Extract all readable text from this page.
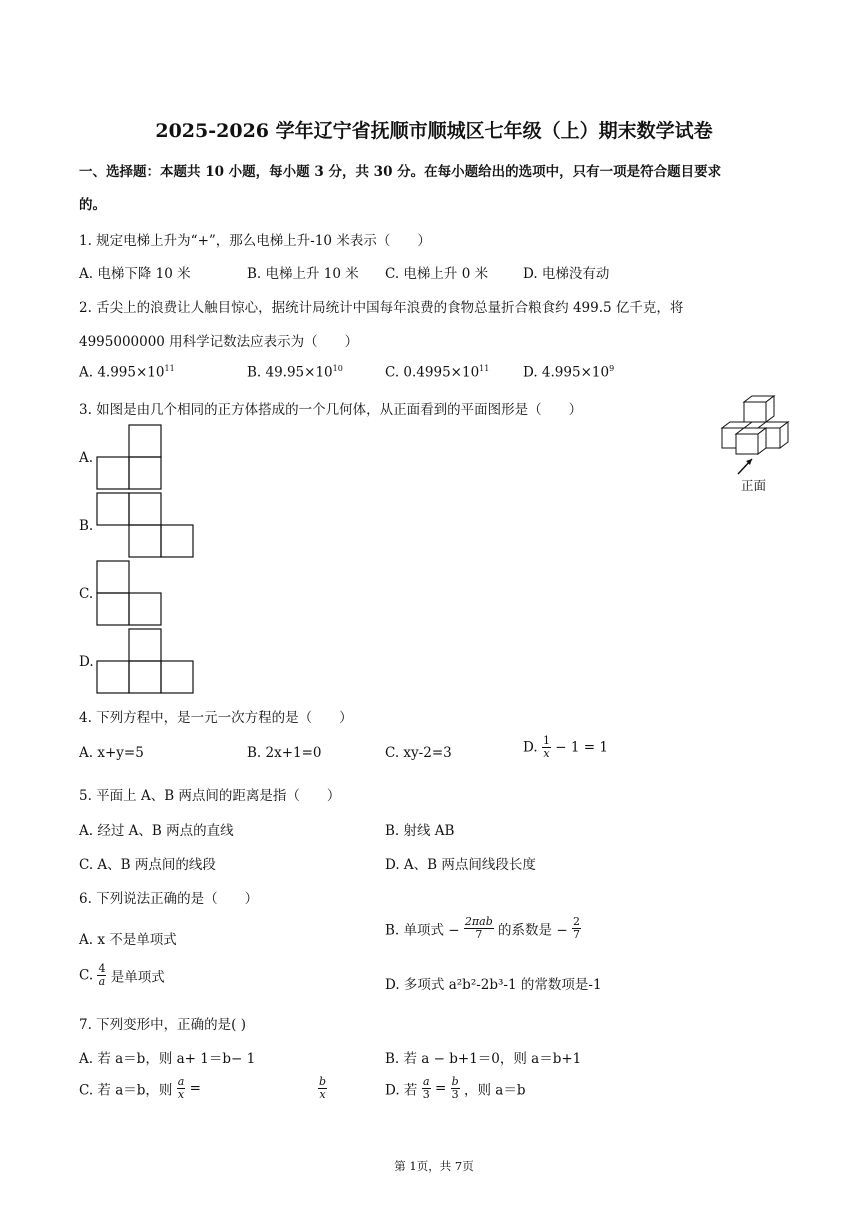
2025-2026 学年辽宁省抚顺市顺城区七年级（上）期末数学试卷
一、选择题：本题共 10 小题，每小题 3 分，共 30 分。在每小题给出的选项中，只有一项是符合题目要求
的。
1. 规定电梯上升为“+”，那么电梯上升-10 米表示（　　）
A. 电梯下降 10 米	B. 电梯上升 10 米 C. 电梯上升 0 米	D. 电梯没有动
2. 舌尖上的浪费让人触目惊心，据统计局统计中国每年浪费的食物总量折合粮食约 499.5 亿千克，将
4995000000 用科学记数法应表示为（　　）
A. $4.995\times 10^{11}$	B. $49.95\times 10^{10}$	C. $0.4995\times 10^{11}$ D. $4.995\times 10^9$
3. 如图是由几个相同的正方体搭成的一个几何体，从正面看到的平面图形是（　　）
正面
A.
B.
C.
D.
4. 下列方程中，是一元一次方程的是（　　）
A. x+y=5	B. 2x+1=0	C. xy-2=3	D. $\frac{1}{x} - 1 = 1$
5. 平面上 A、B 两点间的距离是指（　　）
A. 经过 A、B 两点的直线	B. 射线 AB
C. A、B 两点间的线段	D. A、B 两点间线段长度
6. 下列说法正确的是（　　）
A. x 不是单项式
B. 单项式 − $\frac{\text{2πab}}{7}$ 的系数是 − $\frac{2}{7}$
C. $\frac{4}{a}$ 是单项式	D. 多项式 a²b²-2b³-1 的常数项是-1
7. 下列变形中，正确的是( )
A. 若 a＝b，则 a+ 1＝b− 1	B. 若 a − b+1＝0，则 a＝b+1
C. 若 a＝b，则 $\frac{a}{x}$ =	$\frac{b}{x}$	D. 若 $\frac{a}{3} = \frac{b}{3}$ ，则 a＝b
第 1页，共 7页
